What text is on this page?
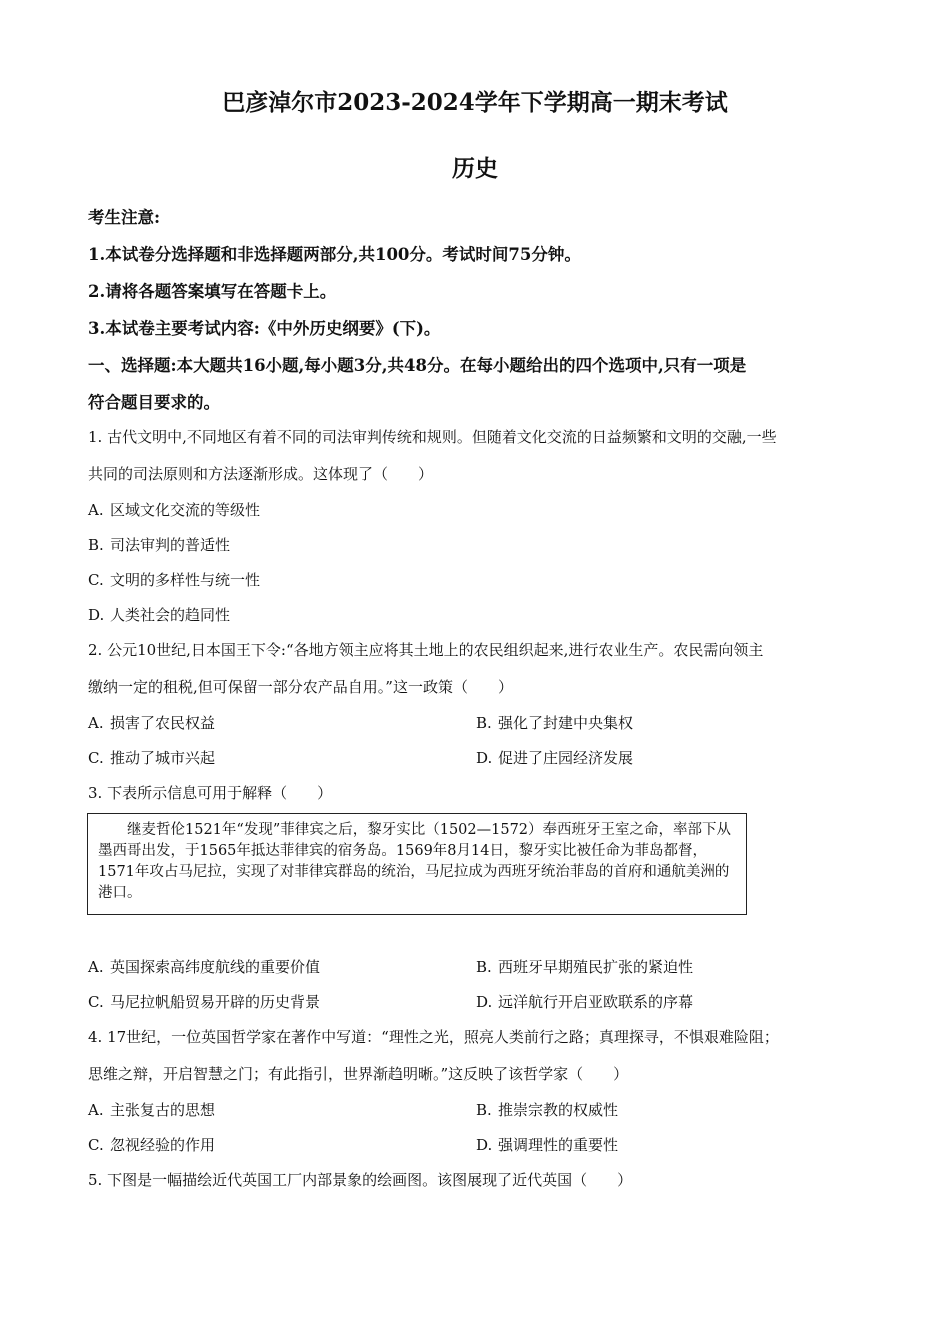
巴彦淖尔市2023-2024学年下学期高一期末考试
历史
考生注意:
1.本试卷分选择题和非选择题两部分,共100分。考试时间75分钟。
2.请将各题答案填写在答题卡上。
3.本试卷主要考试内容:《中外历史纲要》(下)。
一、选择题:本大题共16小题,每小题3分,共48分。在每小题给出的四个选项中,只有一项是
符合题目要求的。
1. 古代文明中,不同地区有着不同的司法审判传统和规则。但随着文化交流的日益频繁和文明的交融,一些
共同的司法原则和方法逐渐形成。这体现了（　　）
A. 区域文化交流的等级性
B. 司法审判的普适性
C. 文明的多样性与统一性
D. 人类社会的趋同性
2. 公元10世纪,日本国王下令:“各地方领主应将其土地上的农民组织起来,进行农业生产。农民需向领主
缴纳一定的租税,但可保留一部分农产品自用。”这一政策（　　）
A. 损害了农民权益	B. 强化了封建中央集权
C. 推动了城市兴起	D. 促进了庄园经济发展
3. 下表所示信息可用于解释（　　）

继麦哲伦1521年“发现”菲律宾之后，黎牙实比（1502—1572）奉西班牙王室之命，率部下从墨西哥出发，于1565年抵达菲律宾的宿务岛。1569年8月14日，黎牙实比被任命为菲岛都督，1571年攻占马尼拉，实现了对菲律宾群岛的统治，马尼拉成为西班牙统治菲岛的首府和通航美洲的港口。

A. 英国探索高纬度航线的重要价值	B. 西班牙早期殖民扩张的紧迫性
C. 马尼拉帆船贸易开辟的历史背景	D. 远洋航行开启亚欧联系的序幕
4. 17世纪，一位英国哲学家在著作中写道：“理性之光，照亮人类前行之路；真理探寻，不惧艰难险阻；
思维之辩，开启智慧之门；有此指引，世界渐趋明晰。”这反映了该哲学家（　　）
A. 主张复古的思想	B. 推崇宗教的权威性
C. 忽视经验的作用	D. 强调理性的重要性
5. 下图是一幅描绘近代英国工厂内部景象的绘画图。该图展现了近代英国（　　）
